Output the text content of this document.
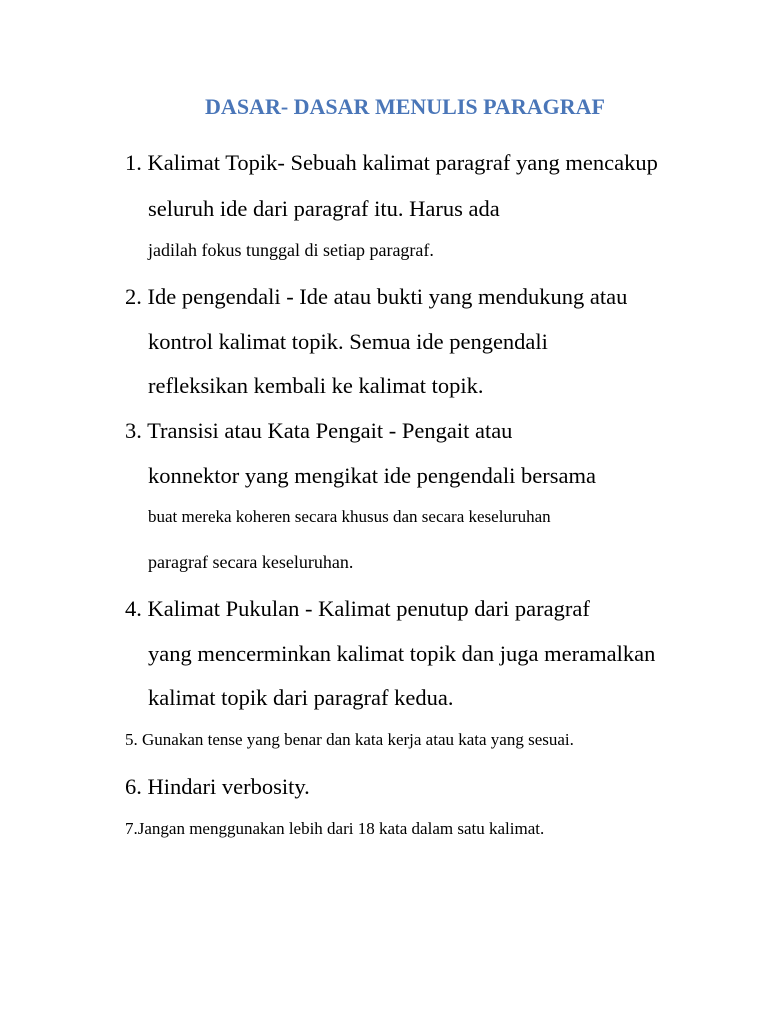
DASAR- DASAR MENULIS PARAGRAF
1. Kalimat Topik- Sebuah kalimat paragraf yang mencakup
seluruh ide dari paragraf itu. Harus ada
jadilah fokus tunggal di setiap paragraf.
2. Ide pengendali - Ide atau bukti yang mendukung atau
kontrol kalimat topik. Semua ide pengendali
refleksikan kembali ke kalimat topik.
3. Transisi atau Kata Pengait - Pengait atau
konnektor yang mengikat ide pengendali bersama
buat mereka koheren secara khusus dan secara keseluruhan
paragraf secara keseluruhan.
4. Kalimat Pukulan - Kalimat penutup dari paragraf
yang mencerminkan kalimat topik dan juga meramalkan
kalimat topik dari paragraf kedua.
5. Gunakan tense yang benar dan kata kerja atau kata yang sesuai.
6. Hindari verbosity.
7.Jangan menggunakan lebih dari 18 kata dalam satu kalimat.
